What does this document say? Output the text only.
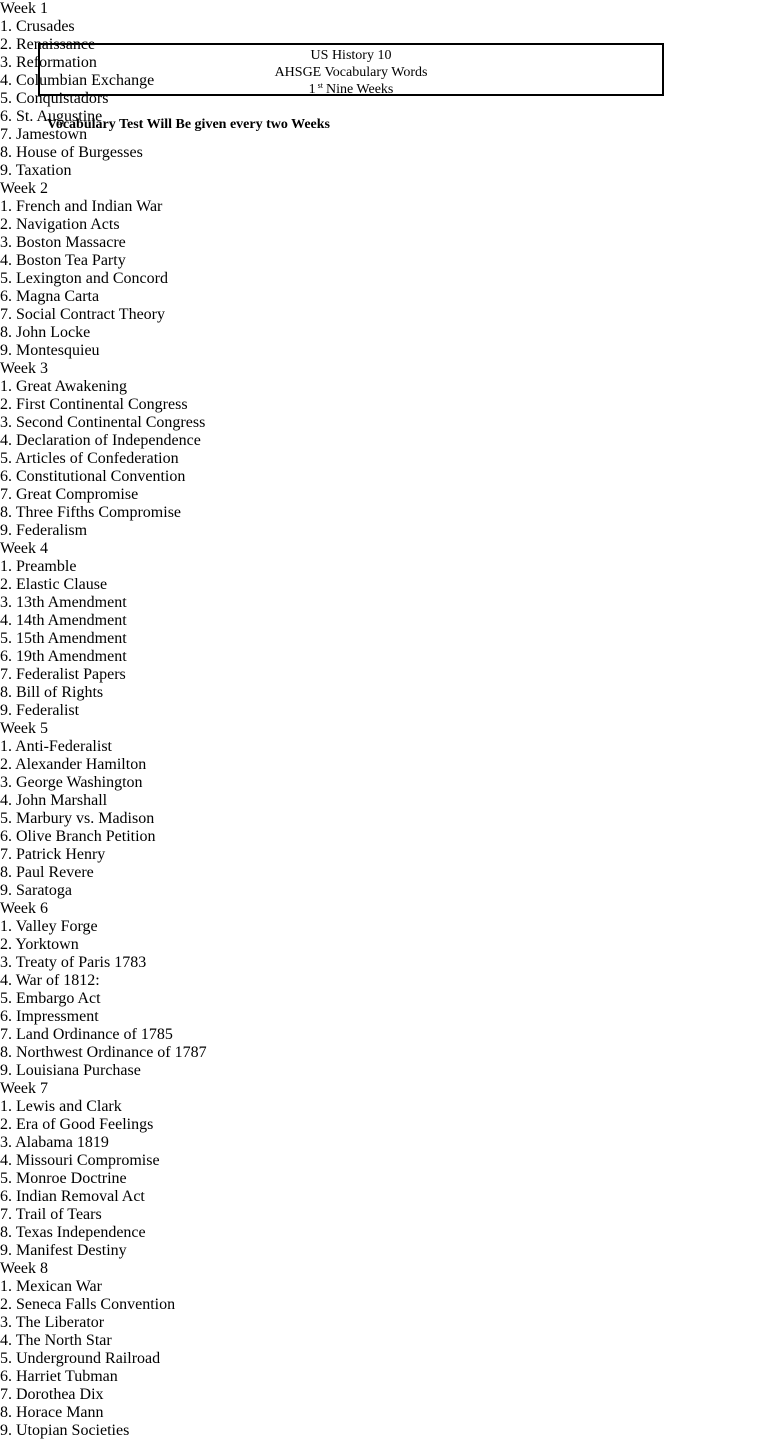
US History 10
AHSGE Vocabulary Words
1 $^{st}$ Nine Weeks
Vocabulary Test Will Be given every two Weeks
Week 1
1. Crusades
2. Renaissance
3. Reformation
4. Columbian Exchange
5. Conquistadors
6. St. Augustine
7. Jamestown
8. House of Burgesses
9. Taxation
Week 2
1. French and Indian War
2. Navigation Acts
3. Boston Massacre
4. Boston Tea Party
5. Lexington and Concord
6. Magna Carta
7. Social Contract Theory
8. John Locke
9. Montesquieu
Week 3
1. Great Awakening
2. First Continental Congress
3. Second Continental Congress
4. Declaration of Independence
5. Articles of Confederation
6. Constitutional Convention
7. Great Compromise
8. Three Fifths Compromise
9. Federalism
Week 4
1. Preamble
2. Elastic Clause
3. 13th Amendment
4. 14th Amendment
5. 15th Amendment
6. 19th Amendment
7. Federalist Papers
8. Bill of Rights
9. Federalist
Week 5
1. Anti-Federalist
2. Alexander Hamilton
3. George Washington
4. John Marshall
5. Marbury vs. Madison
6. Olive Branch Petition
7. Patrick Henry
8. Paul Revere
9. Saratoga
Week 6
1. Valley Forge
2. Yorktown
3. Treaty of Paris 1783
4. War of 1812:
5. Embargo Act
6. Impressment
7. Land Ordinance of 1785
8. Northwest Ordinance of 1787
9. Louisiana Purchase
Week 7
1. Lewis and Clark
2. Era of Good Feelings
3. Alabama 1819
4. Missouri Compromise
5. Monroe Doctrine
6. Indian Removal Act
7. Trail of Tears
8. Texas Independence
9. Manifest Destiny
Week 8
1. Mexican War
2. Seneca Falls Convention
3. The Liberator
4. The North Star
5. Underground Railroad
6. Harriet Tubman
7. Dorothea Dix
8. Horace Mann
9. Utopian Societies
